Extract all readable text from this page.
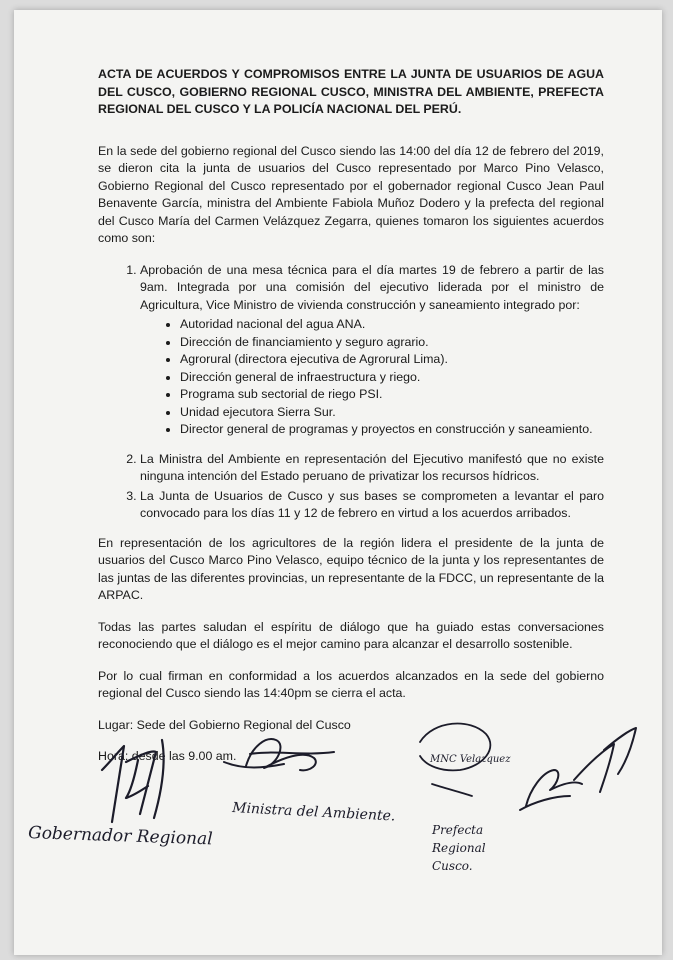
ACTA DE ACUERDOS Y COMPROMISOS ENTRE LA JUNTA DE USUARIOS DE AGUA DEL CUSCO, GOBIERNO REGIONAL CUSCO, MINISTRA DEL AMBIENTE, PREFECTA REGIONAL DEL CUSCO Y LA POLICÍA NACIONAL DEL PERÚ.

En la sede del gobierno regional del Cusco siendo las 14:00 del día 12 de febrero del 2019, se dieron cita la junta de usuarios del Cusco representado por Marco Pino Velasco, Gobierno Regional del Cusco representado por el gobernador regional Cusco Jean Paul Benavente García, ministra del Ambiente Fabiola Muñoz Dodero y la prefecta del regional del Cusco María del Carmen Velázquez Zegarra, quienes tomaron los siguientes acuerdos como son:

1. Aprobación de una mesa técnica para el día martes 19 de febrero a partir de las 9am. Integrada por una comisión del ejecutivo liderada por el ministro de Agricultura, Vice Ministro de vivienda construcción y saneamiento integrado por:
• Autoridad nacional del agua ANA.
• Dirección de financiamiento y seguro agrario.
• Agrorural (directora ejecutiva de Agrorural Lima).
• Dirección general de infraestructura y riego.
• Programa sub sectorial de riego PSI.
• Unidad ejecutora Sierra Sur.
• Director general de programas y proyectos en construcción y saneamiento.
2. La Ministra del Ambiente en representación del Ejecutivo manifestó que no existe ninguna intención del Estado peruano de privatizar los recursos hídricos.
3. La Junta de Usuarios de Cusco y sus bases se comprometen a levantar el paro convocado para los días 11 y 12 de febrero en virtud a los acuerdos arribados.

En representación de los agricultores de la región lidera el presidente de la junta de usuarios del Cusco Marco Pino Velasco, equipo técnico de la junta y los representantes de las juntas de las diferentes provincias, un representante de la FDCC, un representante de la ARPAC.

Todas las partes saludan el espíritu de diálogo que ha guiado estas conversaciones reconociendo que el diálogo es el mejor camino para alcanzar el desarrollo sostenible.

Por lo cual firman en conformidad a los acuerdos alcanzados en la sede del gobierno regional del Cusco siendo las 14:40pm se cierra el acta.

Lugar: Sede del Gobierno Regional del Cusco

Hora: desde las 9.00 am.

Gobernador Regional
Ministra del Ambiente.
MNC Velazquez
Prefecta
Regional
Cusco.
